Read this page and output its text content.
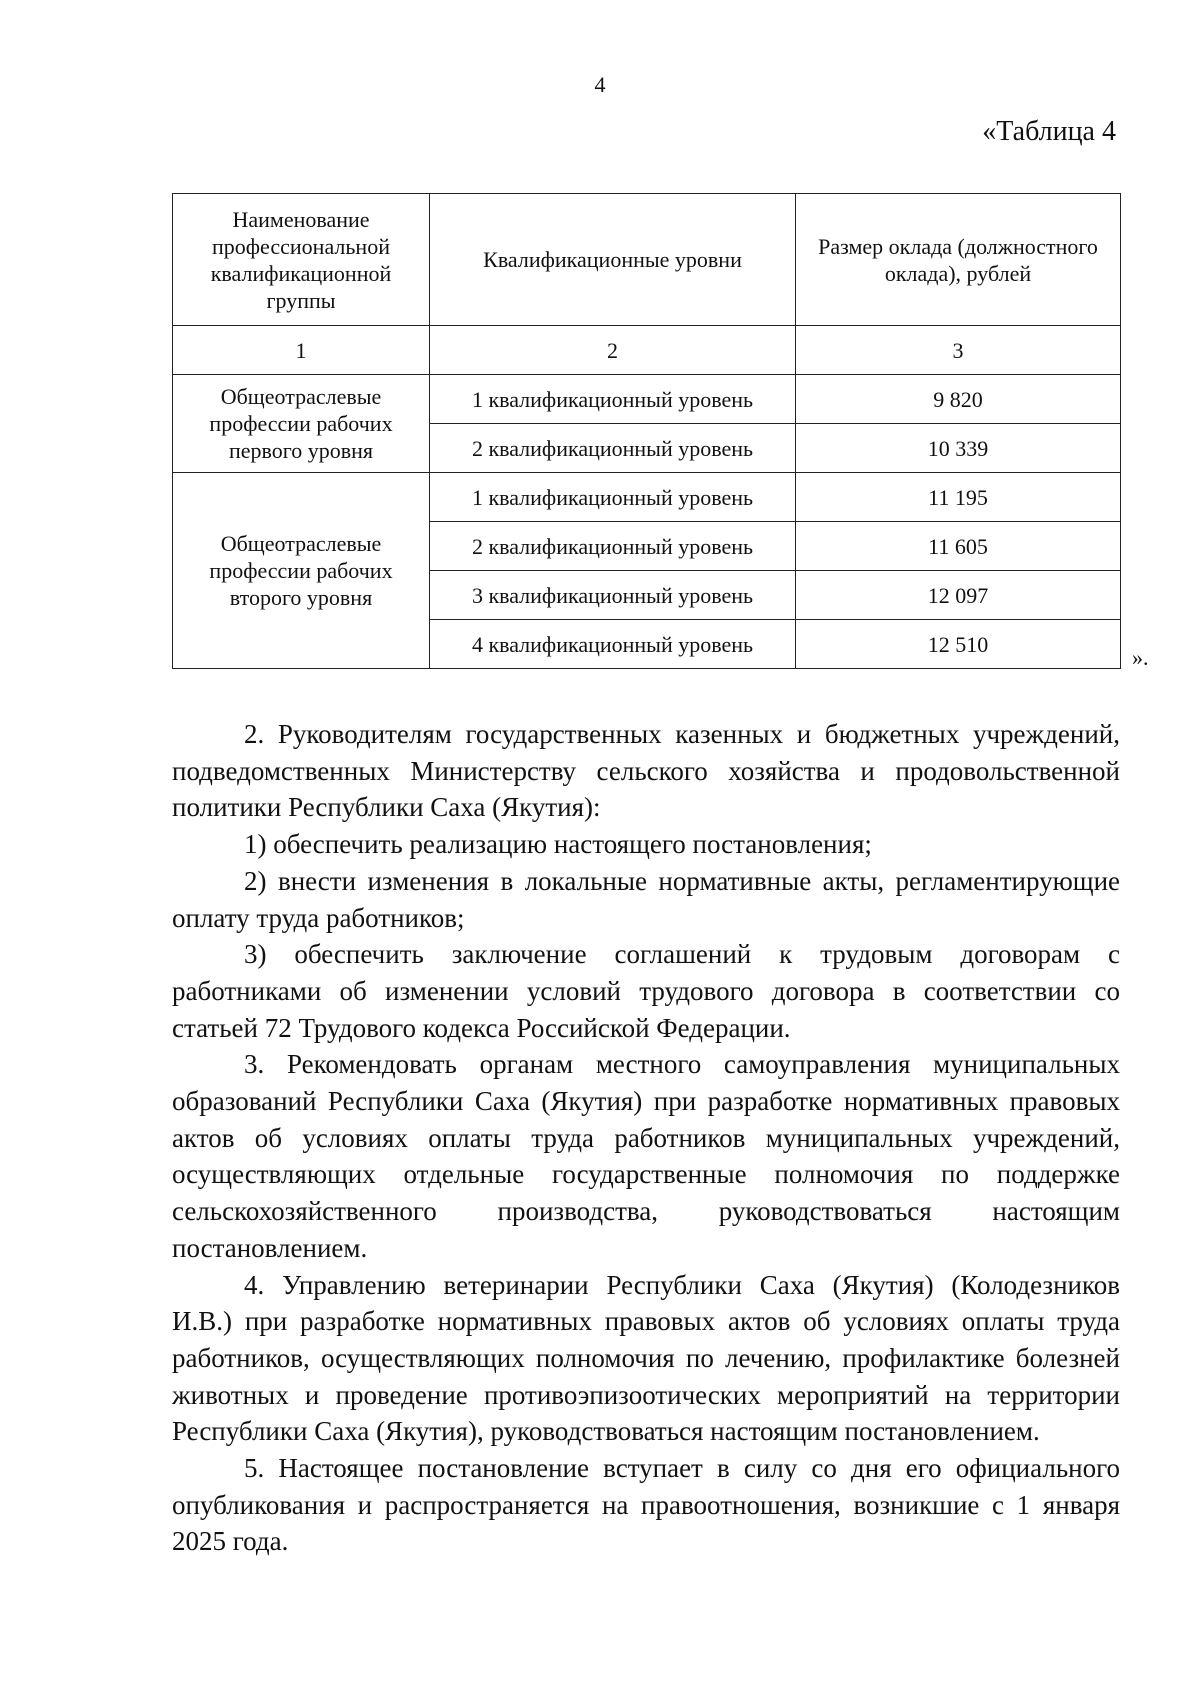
4
«Таблица 4
Наименование профессиональной квалификационной группы	Квалификационные уровни	Размер оклада (должностного оклада), рублей
1	2	3
Общеотраслевые профессии рабочих первого уровня	1 квалификационный уровень	9 820
	2 квалификационный уровень	10 339
Общеотраслевые профессии рабочих второго уровня	1 квалификационный уровень	11 195
	2 квалификационный уровень	11 605
	3 квалификационный уровень	12 097
	4 квалификационный уровень	12 510
».

2. Руководителям государственных казенных и бюджетных учреждений, подведомственных Министерству сельского хозяйства и продовольственной политики Республики Саха (Якутия):

1) обеспечить реализацию настоящего постановления;

2) внести изменения в локальные нормативные акты, регламентирующие оплату труда работников;

3) обеспечить заключение соглашений к трудовым договорам с работниками об изменении условий трудового договора в соответствии со статьей 72 Трудового кодекса Российской Федерации.

3. Рекомендовать органам местного самоуправления муниципальных образований Республики Саха (Якутия) при разработке нормативных правовых актов об условиях оплаты труда работников муниципальных учреждений, осуществляющих отдельные государственные полномочия по поддержке сельскохозяйственного производства, руководствоваться настоящим постановлением.

4. Управлению ветеринарии Республики Саха (Якутия) (Колодезников И.В.) при разработке нормативных правовых актов об условиях оплаты труда работников, осуществляющих полномочия по лечению, профилактике болезней животных и проведение противоэпизоотических мероприятий на территории Республики Саха (Якутия), руководствоваться настоящим постановлением.

5. Настоящее постановление вступает в силу со дня его официального опубликования и распространяется на правоотношения, возникшие с 1 января 2025 года.
